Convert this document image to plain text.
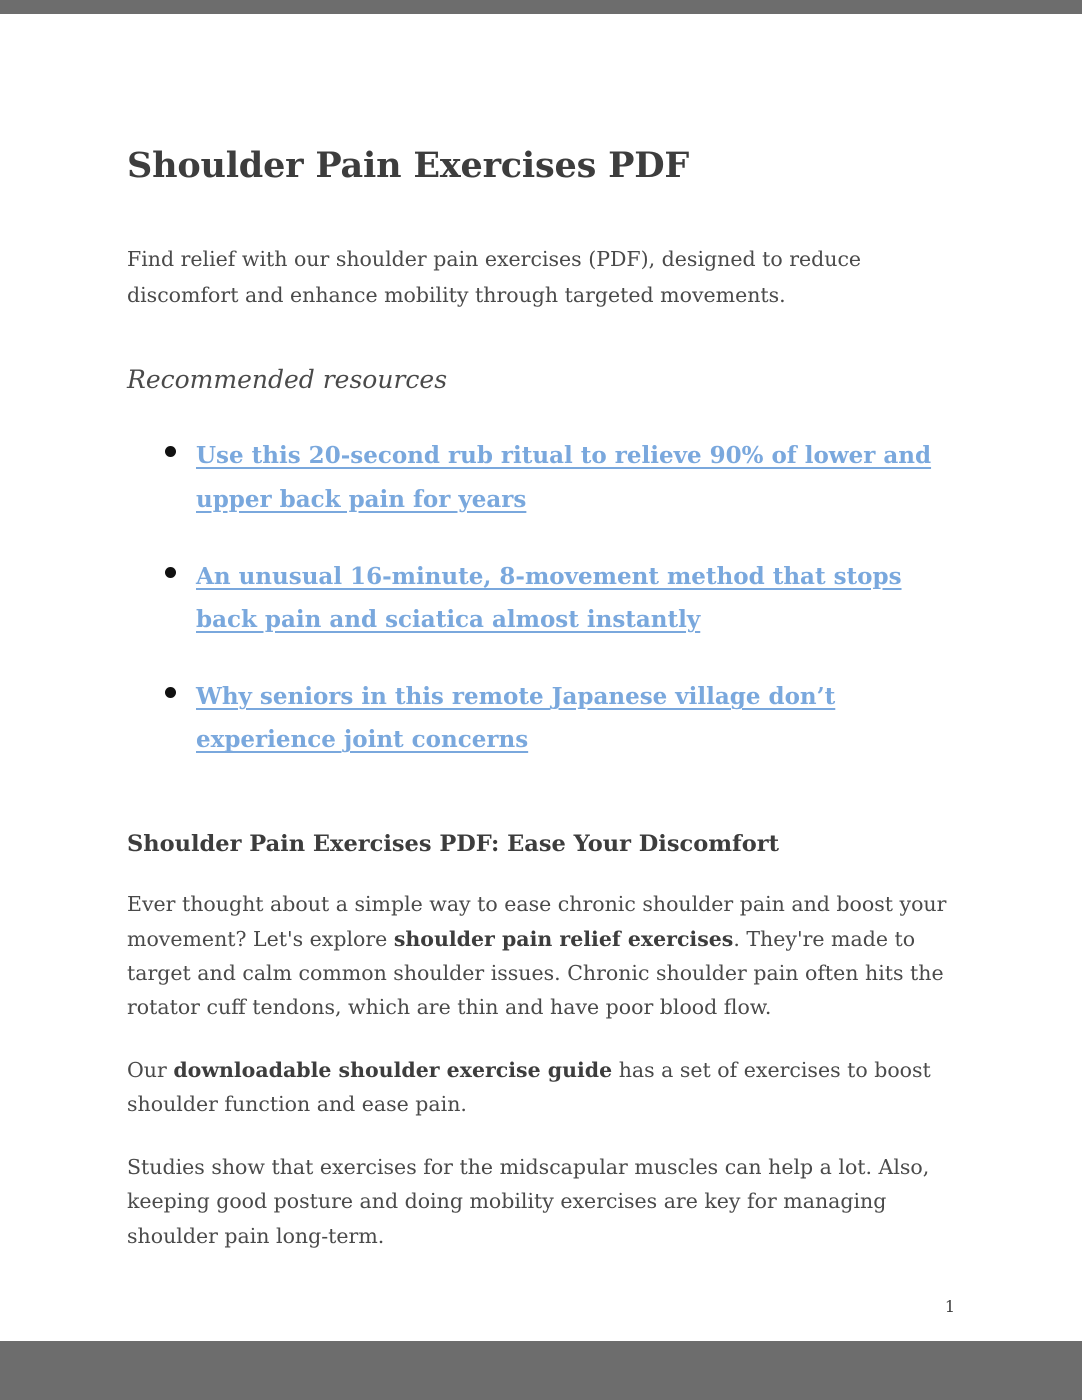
Shoulder Pain Exercises PDF

Find relief with our shoulder pain exercises (PDF), designed to reduce discomfort and enhance mobility through targeted movements.

Recommended resources
Use this 20-second rub ritual to relieve 90% of lower and upper back pain for years
An unusual 16-minute, 8-movement method that stops back pain and sciatica almost instantly
Why seniors in this remote Japanese village don’t experience joint concerns
Shoulder Pain Exercises PDF: Ease Your Discomfort

Ever thought about a simple way to ease chronic shoulder pain and boost your movement? Let's explore shoulder pain relief exercises. They're made to target and calm common shoulder issues. Chronic shoulder pain often hits the rotator cuff tendons, which are thin and have poor blood flow.

Our downloadable shoulder exercise guide has a set of exercises to boost shoulder function and ease pain.

Studies show that exercises for the midscapular muscles can help a lot. Also, keeping good posture and doing mobility exercises are key for managing shoulder pain long-term.

1
